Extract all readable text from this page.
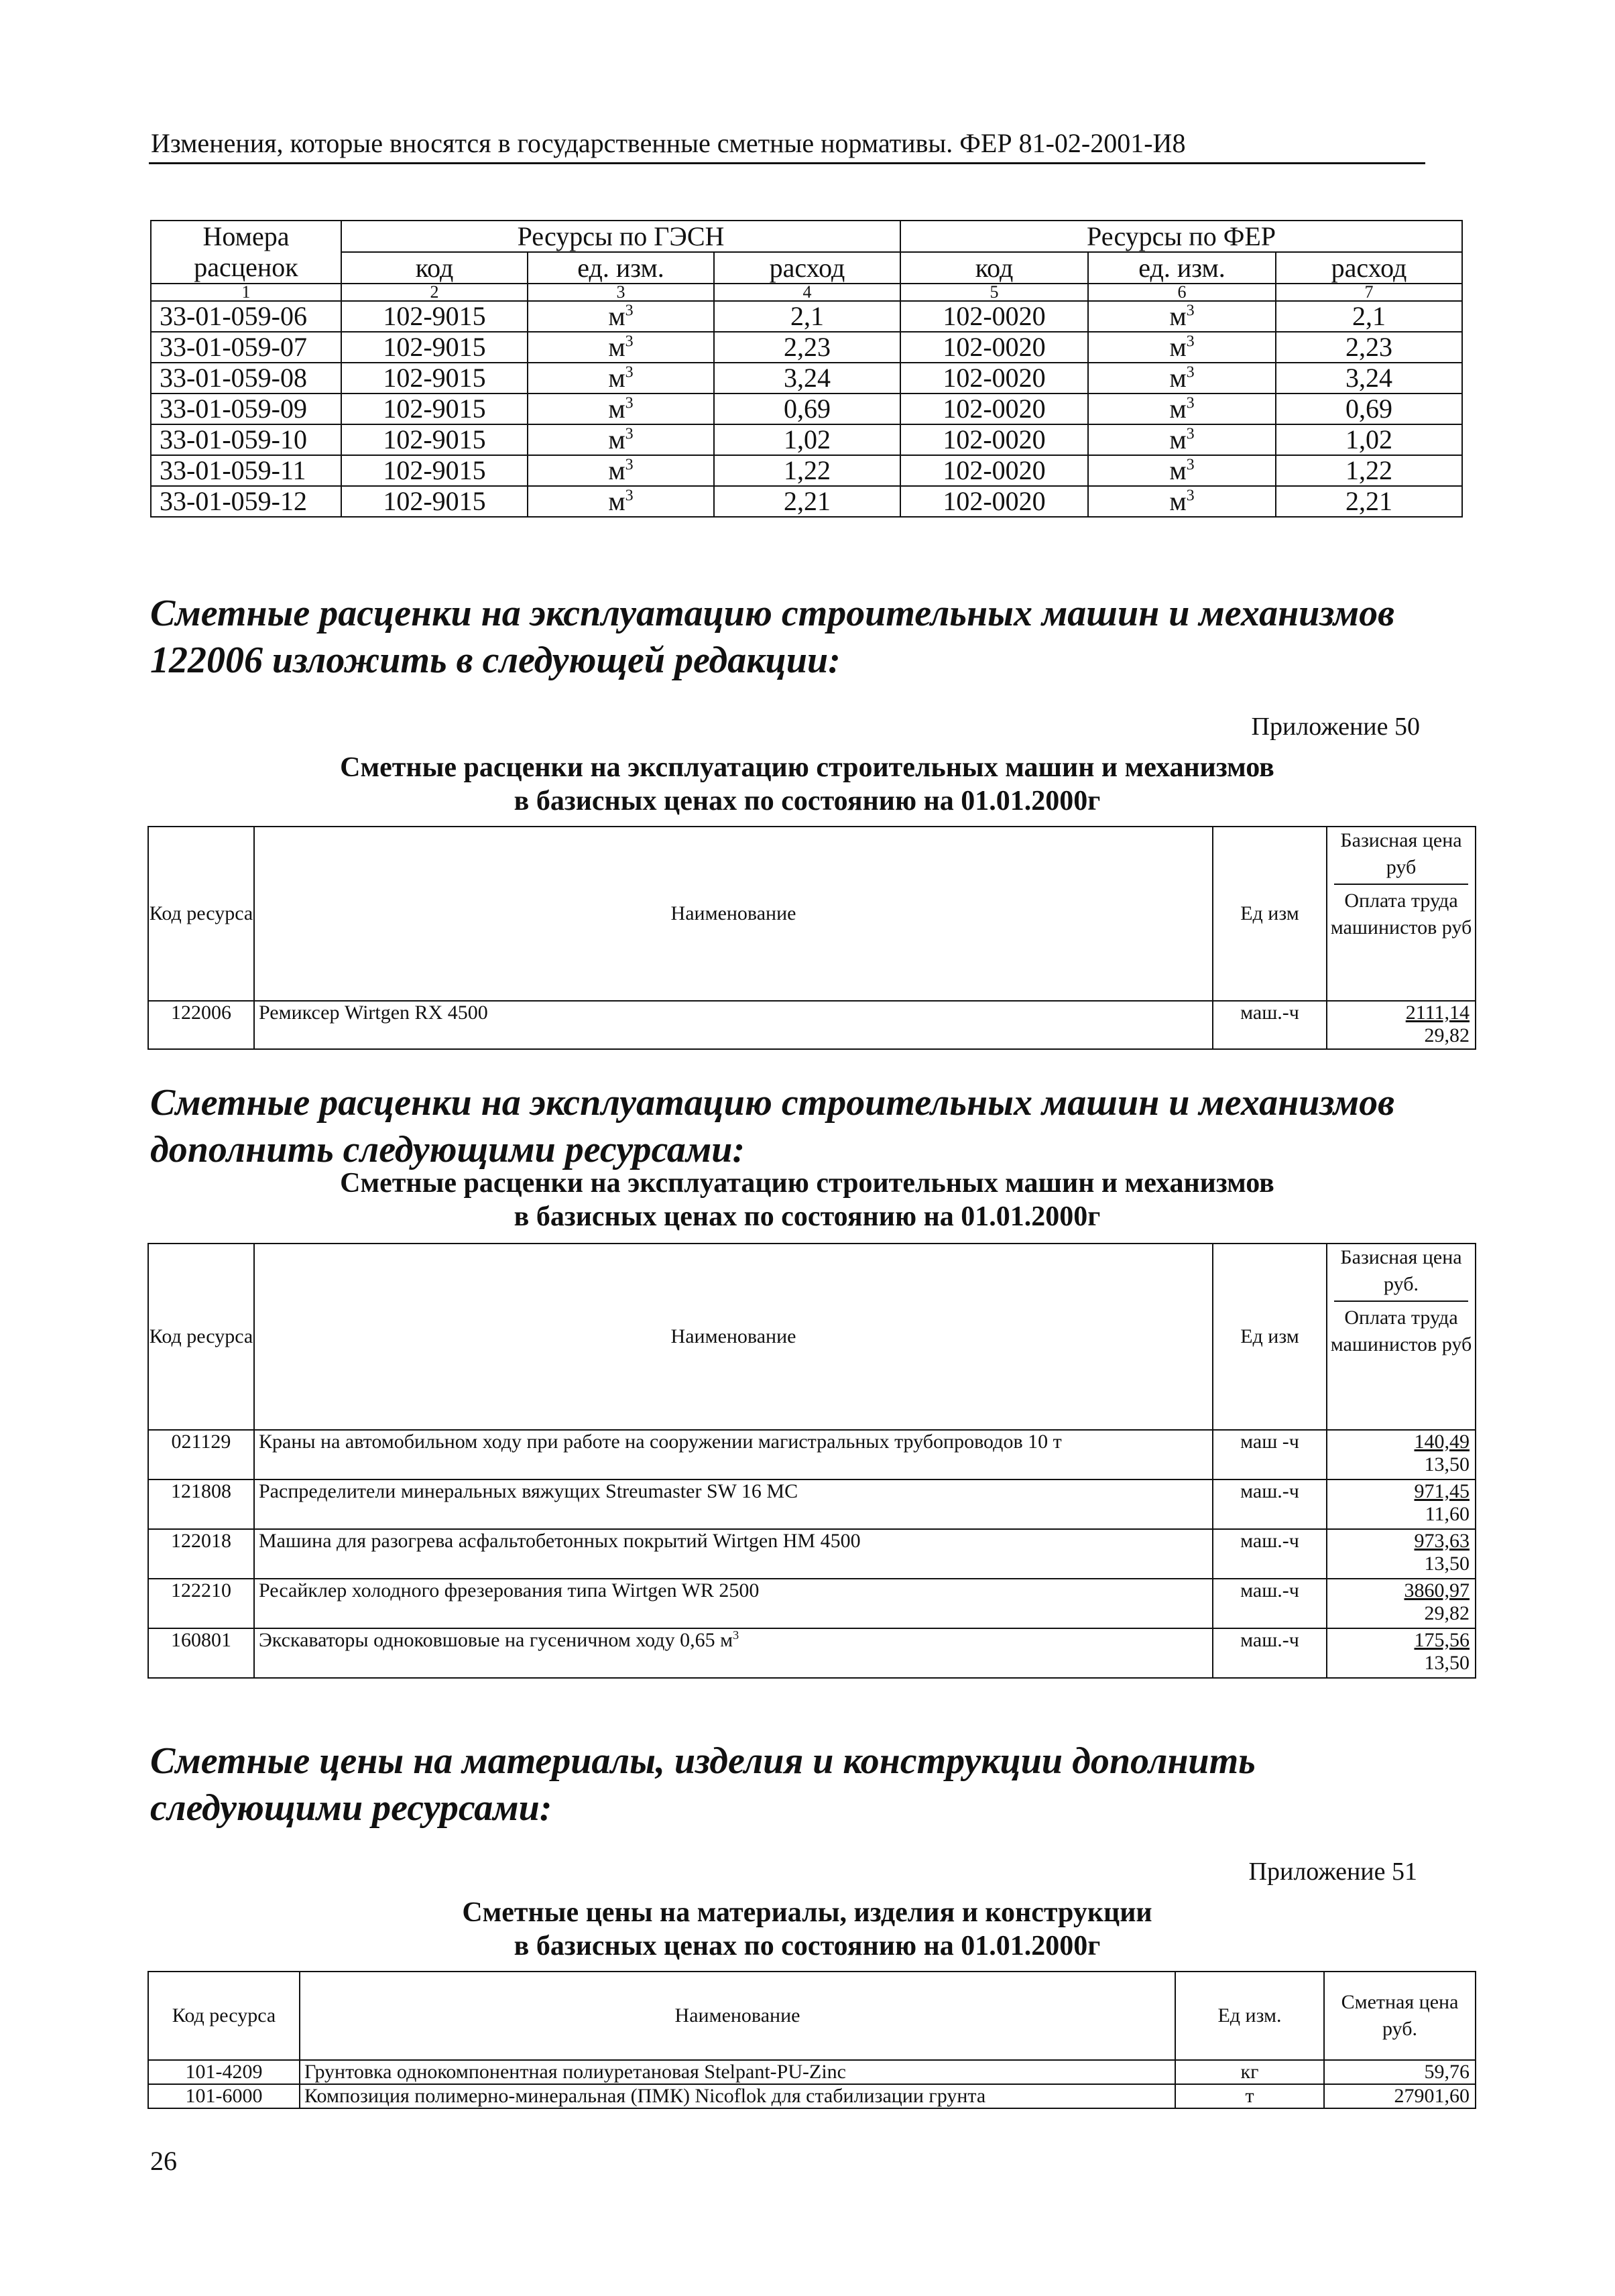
Изменения, которые вносятся в государственные сметные нормативы. ФЕР 81-02-2001-И8
Номера расценок	Ресурсы по ГЭСН			Ресурсы по ФЕР		
	код	ед. изм.	расход	код	ед. изм.	расход
1	2	3	4	5	6	7
33-01-059-06	102-9015	$м^3$	2,1	102-0020	$м^3$	2,1
33-01-059-07	102-9015	$м^3$	2,23	102-0020	$м^3$	2,23
33-01-059-08	102-9015	$м^3$	3,24	102-0020	$м^3$	3,24
33-01-059-09	102-9015	$м^3$	0,69	102-0020	$м^3$	0,69
33-01-059-10	102-9015	$м^3$	1,02	102-0020	$м^3$	1,02
33-01-059-11	102-9015	$м^3$	1,22	102-0020	$м^3$	1,22
33-01-059-12	102-9015	$м^3$	2,21	102-0020	$м^3$	2,21
Сметные расценки на эксплуатацию строительных машин и механизмов
122006 изложить в следующей редакции:
Приложение 50
Сметные расценки на эксплуатацию строительных машин и механизмов
в базисных ценах по состоянию на 01.01.2000г
Код ресурса	Наименование	Ед изм	Базисная цена руб
Оплата труда машинистов руб
122006	Ремиксер Wirtgen RX 4500	маш.-ч	2111,14
29,82
Сметные расценки на эксплуатацию строительных машин и механизмов
дополнить следующими ресурсами:
Сметные расценки на эксплуатацию строительных машин и механизмов
в базисных ценах по состоянию на 01.01.2000г
Код ресурса	Наименование	Ед изм	Базисная цена руб.
Оплата труда машинистов руб
021129	Краны на автомобильном ходу при работе на сооружении магистральных трубопроводов 10 т	маш -ч	140,49
13,50

121808	Распределители минеральных вяжущих Streumaster SW 16 MC	маш.-ч	971,45
11,60

122018	Машина для разогрева асфальтобетонных покрытий Wirtgen HM 4500	маш.-ч	973,63
13,50

122210	Ресайклер холодного фрезерования типа Wirtgen WR 2500	маш.-ч	3860,97
29,82

160801	Экскаваторы одноковшовые на гусеничном ходу 0,65 $м^3$	маш.-ч	175,56
13,50
Сметные цены на материалы, изделия и конструкции дополнить
следующими ресурсами:
Приложение 51
Сметные цены на материалы, изделия и конструкции
в базисных ценах по состоянию на 01.01.2000г
Код ресурса	Наименование	Ед изм.	Сметная цена руб.
101-4209	Грунтовка однокомпонентная полиуретановая Stelpant-PU-Zinc	кг	59,76
101-6000	Композиция полимерно-минеральная (ПМК) Nicoflok для стабилизации грунта	т	27901,60
26
